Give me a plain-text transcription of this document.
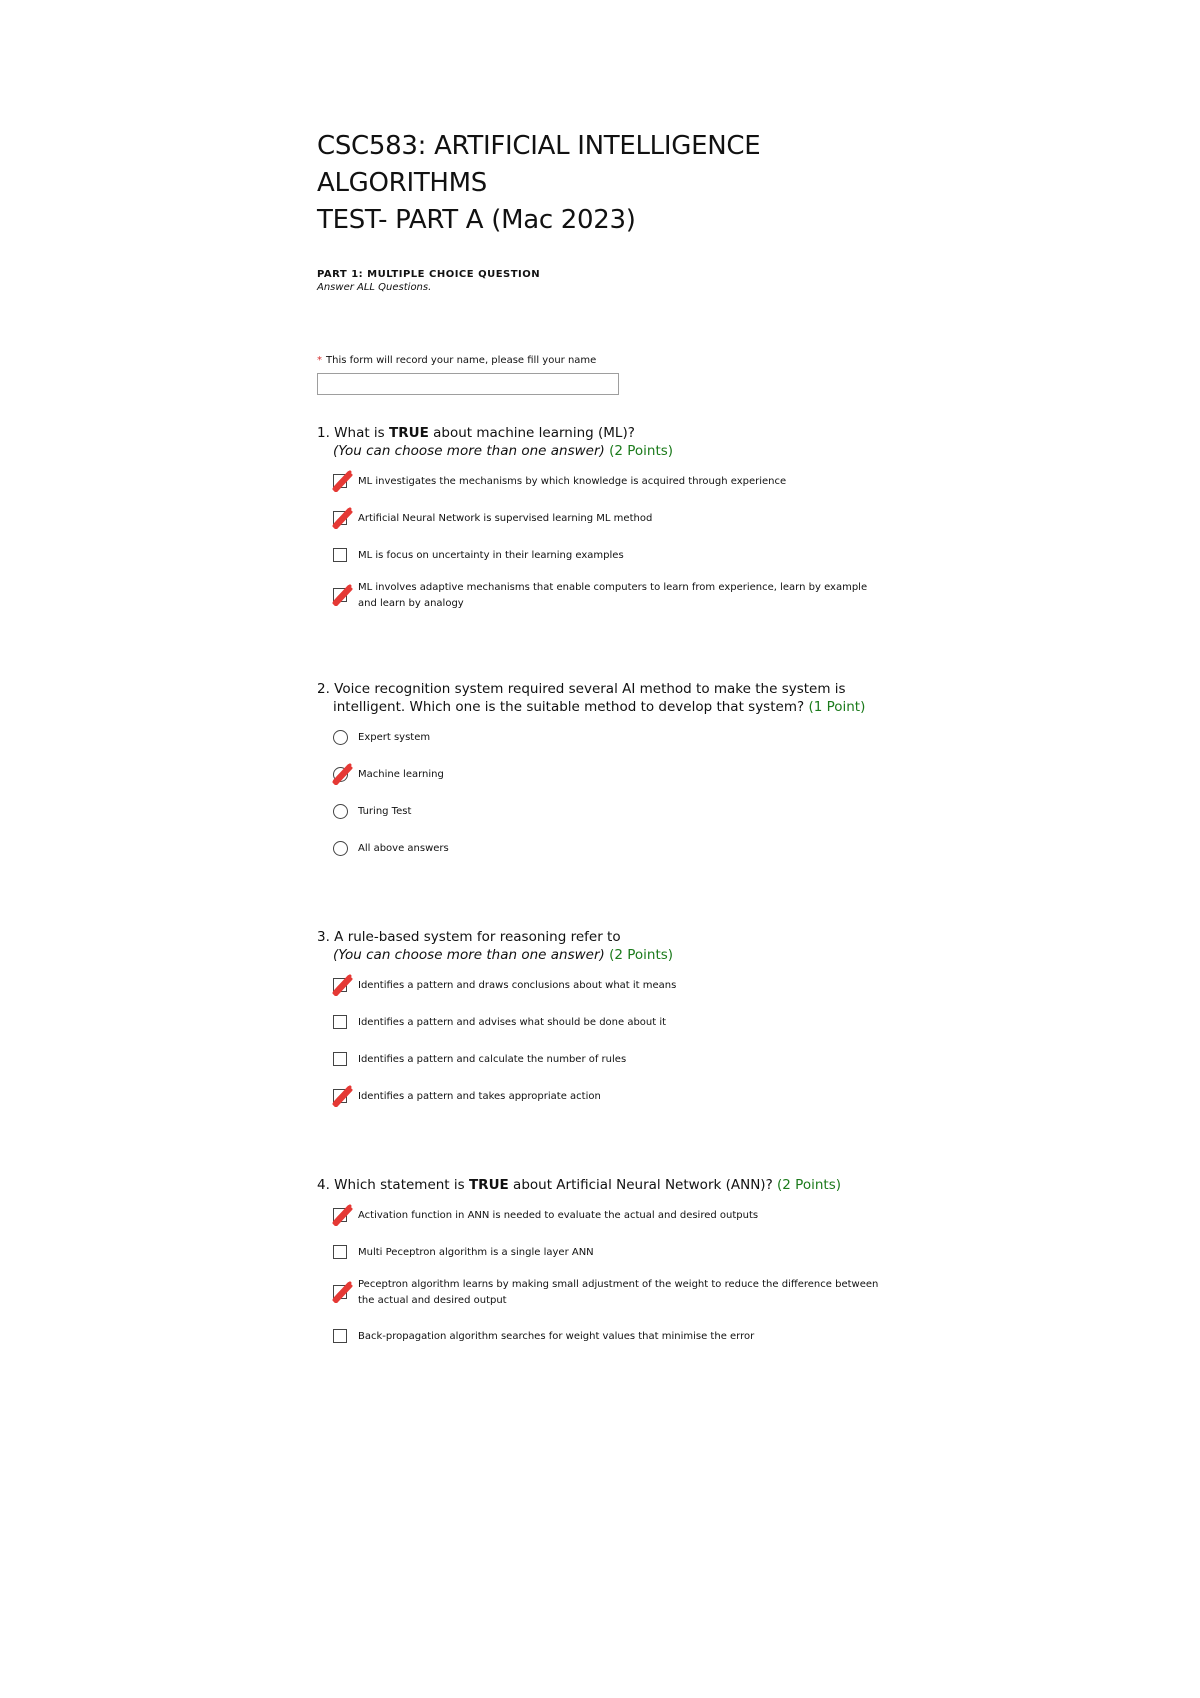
CSC583: ARTIFICIAL INTELLIGENCE
ALGORITHMS
TEST- PART A (Mac 2023)
PART 1: MULTIPLE CHOICE QUESTION
Answer ALL Questions.
* This form will record your name, please fill your name

1. What is TRUE about machine learning (ML)?
(You can choose more than one answer) (2 Points)

ML investigates the mechanisms by which knowledge is acquired through experience
Artificial Neural Network is supervised learning ML method
ML is focus on uncertainty in their learning examples
ML involves adaptive mechanisms that enable computers to learn from experience, learn by example and learn by analogy

2. Voice recognition system required several AI method to make the system is intelligent. Which one is the suitable method to develop that system? (1 Point)

Expert system
Machine learning
Turing Test
All above answers

3. A rule-based system for reasoning refer to
(You can choose more than one answer) (2 Points)

Identifies a pattern and draws conclusions about what it means
Identifies a pattern and advises what should be done about it
Identifies a pattern and calculate the number of rules
Identifies a pattern and takes appropriate action

4. Which statement is TRUE about Artificial Neural Network (ANN)? (2 Points)

Activation function in ANN is needed to evaluate the actual and desired outputs
Multi Peceptron algorithm is a single layer ANN
Peceptron algorithm learns by making small adjustment of the weight to reduce the difference between the actual and desired output
Back-propagation algorithm searches for weight values that minimise the error
